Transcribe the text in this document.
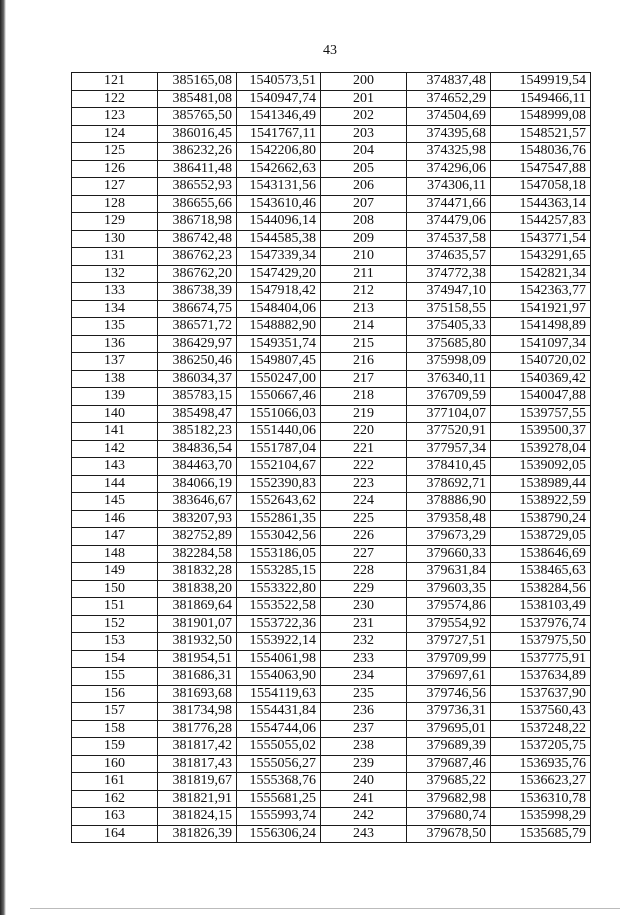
43
121	385165,08	1540573,51	200	374837,48	1549919,54
122	385481,08	1540947,74	201	374652,29	1549466,11
123	385765,50	1541346,49	202	374504,69	1548999,08
124	386016,45	1541767,11	203	374395,68	1548521,57
125	386232,26	1542206,80	204	374325,98	1548036,76
126	386411,48	1542662,63	205	374296,06	1547547,88
127	386552,93	1543131,56	206	374306,11	1547058,18
128	386655,66	1543610,46	207	374471,66	1544363,14
129	386718,98	1544096,14	208	374479,06	1544257,83
130	386742,48	1544585,38	209	374537,58	1543771,54
131	386762,23	1547339,34	210	374635,57	1543291,65
132	386762,20	1547429,20	211	374772,38	1542821,34
133	386738,39	1547918,42	212	374947,10	1542363,77
134	386674,75	1548404,06	213	375158,55	1541921,97
135	386571,72	1548882,90	214	375405,33	1541498,89
136	386429,97	1549351,74	215	375685,80	1541097,34
137	386250,46	1549807,45	216	375998,09	1540720,02
138	386034,37	1550247,00	217	376340,11	1540369,42
139	385783,15	1550667,46	218	376709,59	1540047,88
140	385498,47	1551066,03	219	377104,07	1539757,55
141	385182,23	1551440,06	220	377520,91	1539500,37
142	384836,54	1551787,04	221	377957,34	1539278,04
143	384463,70	1552104,67	222	378410,45	1539092,05
144	384066,19	1552390,83	223	378692,71	1538989,44
145	383646,67	1552643,62	224	378886,90	1538922,59
146	383207,93	1552861,35	225	379358,48	1538790,24
147	382752,89	1553042,56	226	379673,29	1538729,05
148	382284,58	1553186,05	227	379660,33	1538646,69
149	381832,28	1553285,15	228	379631,84	1538465,63
150	381838,20	1553322,80	229	379603,35	1538284,56
151	381869,64	1553522,58	230	379574,86	1538103,49
152	381901,07	1553722,36	231	379554,92	1537976,74
153	381932,50	1553922,14	232	379727,51	1537975,50
154	381954,51	1554061,98	233	379709,99	1537775,91
155	381686,31	1554063,90	234	379697,61	1537634,89
156	381693,68	1554119,63	235	379746,56	1537637,90
157	381734,98	1554431,84	236	379736,31	1537560,43
158	381776,28	1554744,06	237	379695,01	1537248,22
159	381817,42	1555055,02	238	379689,39	1537205,75
160	381817,43	1555056,27	239	379687,46	1536935,76
161	381819,67	1555368,76	240	379685,22	1536623,27
162	381821,91	1555681,25	241	379682,98	1536310,78
163	381824,15	1555993,74	242	379680,74	1535998,29
164	381826,39	1556306,24	243	379678,50	1535685,79
